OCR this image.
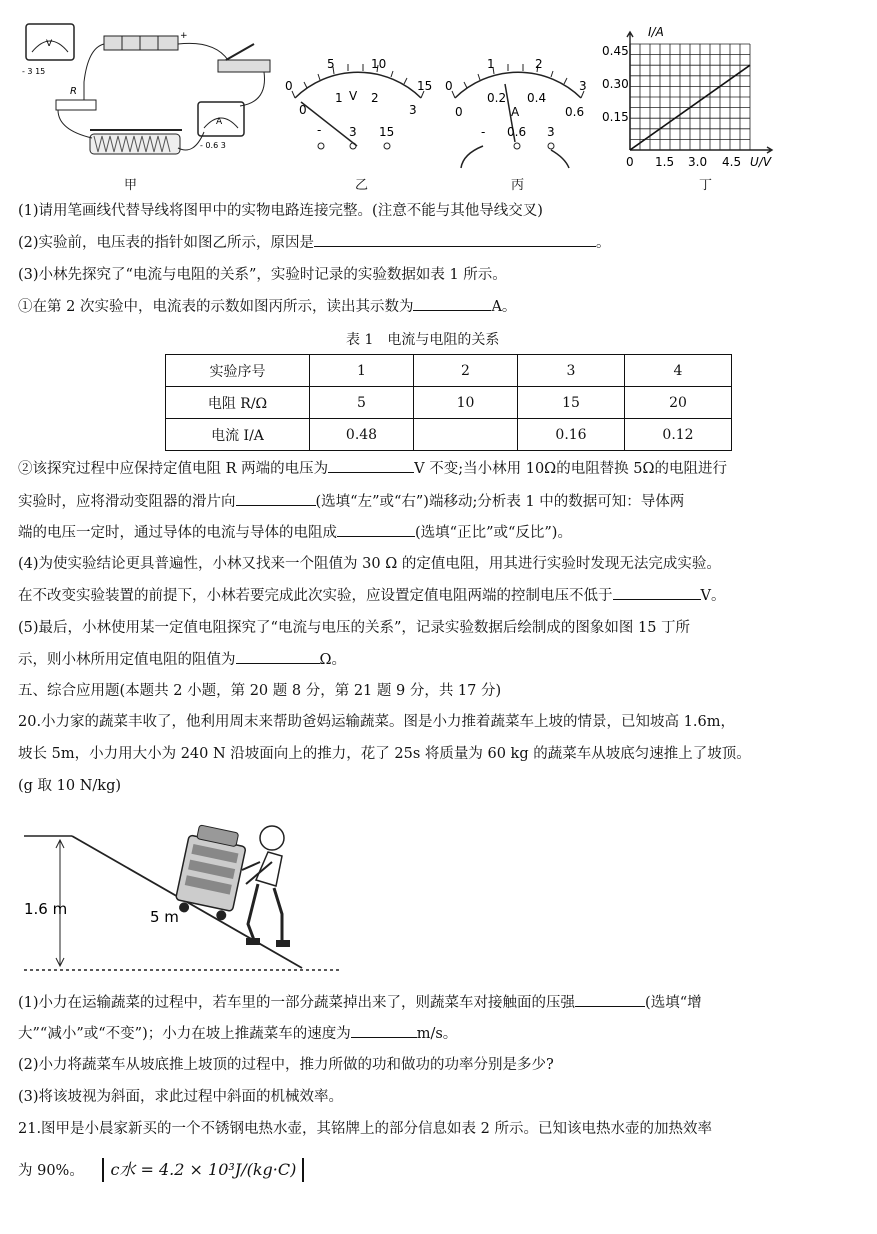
V
- 3 15
+
R
A
- 0.6 3
甲
0
5	10
15
0
1 2
3
V
- 3 15
乙
0
1	2
3
0
0.2 0.4
0.6
A
- 0.6 3
丙
I/A
U/V
0.45
0.30
0.15
0 1.5 3.0 4.5
丁
(1)请用笔画线代替导线将图甲中的实物电路连接完整。(注意不能与其他导线交叉)
(2)实验前，电压表的指针如图乙所示，原因是	。
(3)小林先探究了“电流与电阻的关系”，实验时记录的实验数据如表 1 所示。
①在第 2 次实验中，电流表的示数如图丙所示，读出其示数为	A。
表 1　电流与电阻的关系
实验序号	1	2	3	4
电阻 R/Ω	5	10	15	20
电流 I/A	0.48		0.16	0.12
②该探究过程中应保持定值电阻 R 两端的电压为	V 不变;当小林用 10Ω的电阻替换 5Ω的电阻进行
实验时，应将滑动变阻器的滑片向	(选填“左”或“右”)端移动;分析表 1 中的数据可知：导体两
端的电压一定时，通过导体的电流与导体的电阻成	(选填“正比”或“反比”)。
(4)为使实验结论更具普遍性，小林又找来一个阻值为 30 Ω 的定值电阻，用其进行实验时发现无法完成实验。
在不改变实验装置的前提下，小林若要完成此次实验，应设置定值电阻两端的控制电压不低于	V。
(5)最后，小林使用某一定值电阻探究了“电流与电压的关系”，记录实验数据后绘制成的图象如图 15 丁所
示，则小林所用定值电阻的阻值为	Ω。
五、综合应用题(本题共 2 小题，第 20 题 8 分，第 21 题 9 分，共 17 分)
20.小力家的蔬菜丰收了，他利用周末来帮助爸妈运输蔬菜。图是小力推着蔬菜车上坡的情景，已知坡高 1.6m，
坡长 5m，小力用大小为 240 N 沿坡面向上的推力，花了 25s 将质量为 60 kg 的蔬菜车从坡底匀速推上了坡顶。
(g 取 10 N/kg)
1.6 m	5 m
(1)小力在运输蔬菜的过程中，若车里的一部分蔬菜掉出来了，则蔬菜车对接触面的压强	(选填“增
大”“减小”或“不变”)；小力在坡上推蔬菜车的速度为	m/s。
(2)小力将蔬菜车从坡底推上坡顶的过程中，推力所做的功和做功的功率分别是多少?
(3)将该坡视为斜面，求此过程中斜面的机械效率。
21.图甲是小晨家新买的一个不锈钢电热水壶，其铭牌上的部分信息如表 2 所示。已知该电热水壶的加热效率
为 90%。 c水 = 4.2 × 10³J/(kg·C)
